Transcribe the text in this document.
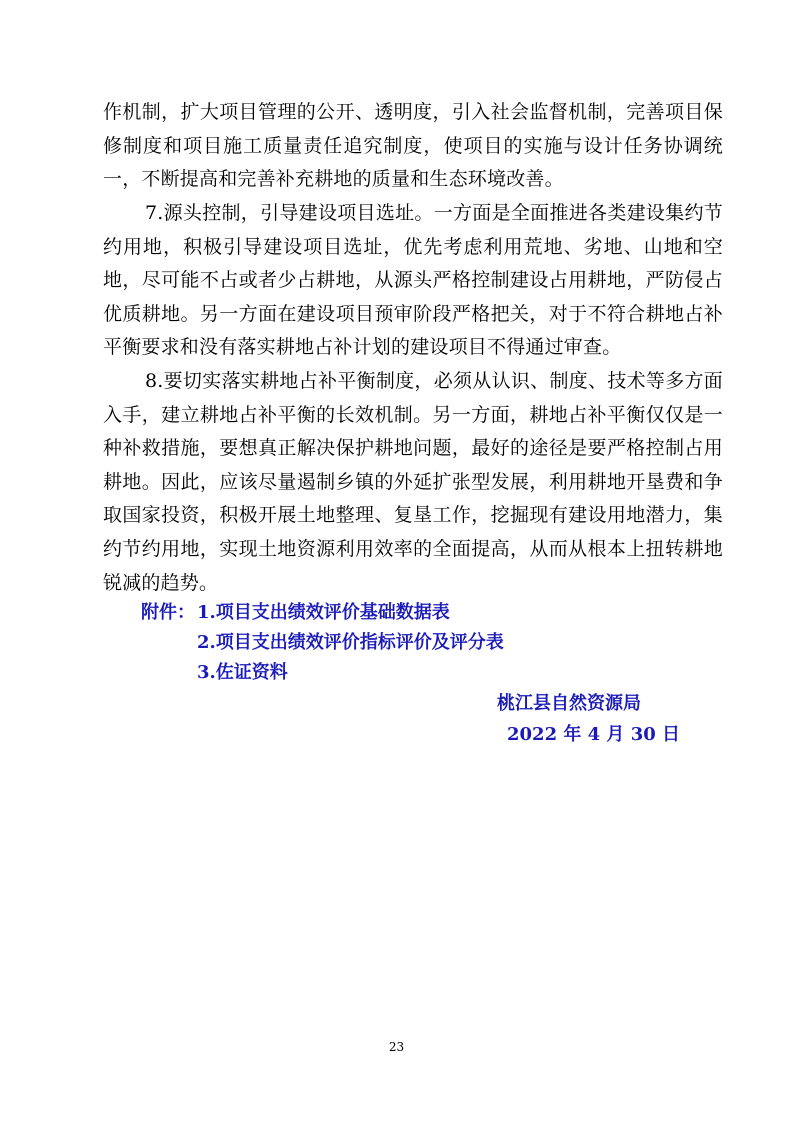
作机制，扩大项目管理的公开、透明度，引入社会监督机制，完善项目保修制度和项目施工质量责任追究制度，使项目的实施与设计任务协调统一，不断提高和完善补充耕地的质量和生态环境改善。

7.源头控制，引导建设项目选址。一方面是全面推进各类建设集约节约用地，积极引导建设项目选址，优先考虑利用荒地、劣地、山地和空地，尽可能不占或者少占耕地，从源头严格控制建设占用耕地，严防侵占优质耕地。另一方面在建设项目预审阶段严格把关，对于不符合耕地占补平衡要求和没有落实耕地占补计划的建设项目不得通过审查。

8.要切实落实耕地占补平衡制度，必须从认识、制度、技术等多方面入手，建立耕地占补平衡的长效机制。另一方面，耕地占补平衡仅仅是一种补救措施，要想真正解决保护耕地问题，最好的途径是要严格控制占用耕地。因此，应该尽量遏制乡镇的外延扩张型发展，利用耕地开垦费和争取国家投资，积极开展土地整理、复垦工作，挖掘现有建设用地潜力，集约节约用地，实现土地资源利用效率的全面提高，从而从根本上扭转耕地锐减的趋势。

附件： 1.项目支出绩效评价基础数据表
2.项目支出绩效评价指标评价及评分表
3.佐证资料
桃江县自然资源局
2022 年 4 月 30 日
23
